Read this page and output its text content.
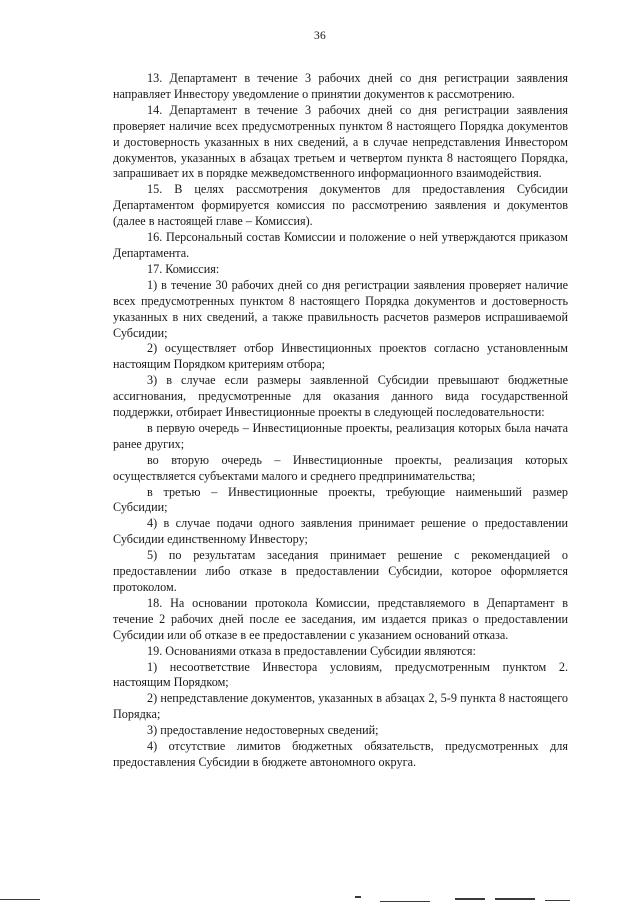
36

13. Департамент в течение 3 рабочих дней со дня регистрации заявления направляет Инвестору уведомление о принятии документов к рассмотрению.

14. Департамент в течение 3 рабочих дней со дня регистрации заявления проверяет наличие всех предусмотренных пунктом 8 настоящего Порядка документов и достоверность указанных в них сведений, а в случае непредставления Инвестором документов, указанных в абзацах третьем и четвертом пункта 8 настоящего Порядка, запрашивает их в порядке межведомственного информационного взаимодействия.

15. В целях рассмотрения документов для предоставления Субсидии Департаментом формируется комиссия по рассмотрению заявления и документов (далее в настоящей главе – Комиссия).

16. Персональный состав Комиссии и положение о ней утверждаются приказом Департамента.

17. Комиссия:

1) в течение 30 рабочих дней со дня регистрации заявления проверяет наличие всех предусмотренных пунктом 8 настоящего Порядка документов и достоверность указанных в них сведений, а также правильность расчетов размеров испрашиваемой Субсидии;

2) осуществляет отбор Инвестиционных проектов согласно установленным настоящим Порядком критериям отбора;

3) в случае если размеры заявленной Субсидии превышают бюджетные ассигнования, предусмотренные для оказания данного вида государственной поддержки, отбирает Инвестиционные проекты в следующей последовательности:

в первую очередь – Инвестиционные проекты, реализация которых была начата ранее других;

во вторую очередь – Инвестиционные проекты, реализация которых осуществляется субъектами малого и среднего предпринимательства;

в третью – Инвестиционные проекты, требующие наименьший размер Субсидии;

4) в случае подачи одного заявления принимает решение о предоставлении Субсидии единственному Инвестору;

5) по результатам заседания принимает решение с рекомендацией о предоставлении либо отказе в предоставлении Субсидии, которое оформляется протоколом.

18. На основании протокола Комиссии, представляемого в Департамент в течение 2 рабочих дней после ее заседания, им издается приказ о предоставлении Субсидии или об отказе в ее предоставлении с указанием оснований отказа.

19. Основаниями отказа в предоставлении Субсидии являются:

1) несоответствие Инвестора условиям, предусмотренным пунктом 2. настоящим Порядком;

2) непредставление документов, указанных в абзацах 2, 5-9 пункта 8 настоящего Порядка;

3) предоставление недостоверных сведений;

4) отсутствие лимитов бюджетных обязательств, предусмотренных для предоставления Субсидии в бюджете автономного округа.
